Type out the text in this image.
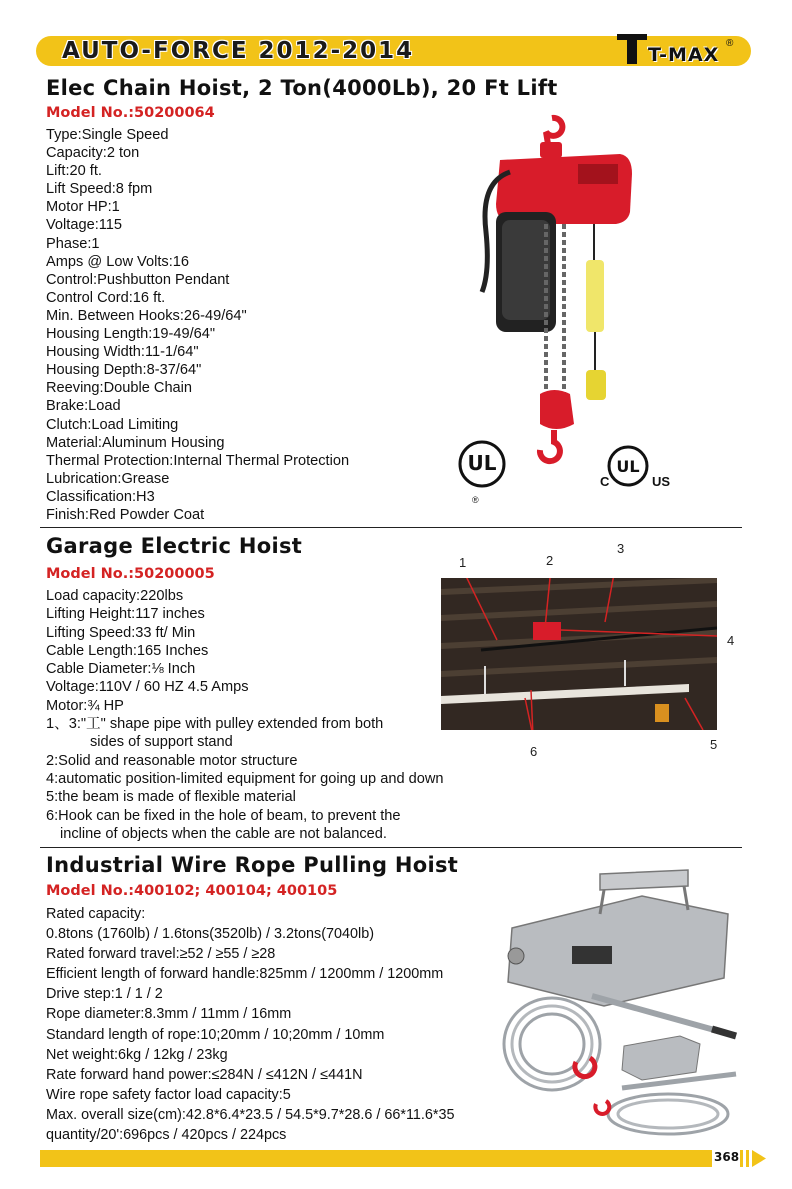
AUTO-FORCE 2012-2014	T-MAX
®
Elec Chain Hoist, 2 Ton(4000Lb), 20 Ft Lift
Model No.:50200064
Type:Single Speed
Capacity:2 ton
Lift:20 ft.
Lift Speed:8 fpm
Motor HP:1
Voltage:115
Phase:1
Amps @ Low Volts:16
Control:Pushbutton Pendant
Control Cord:16 ft.
Min. Between Hooks:26-49/64"
Housing Length:19-49/64"
Housing Width:11-1/64"
Housing Depth:8-37/64"
Reeving:Double Chain
Brake:Load
Clutch:Load Limiting
Material:Aluminum Housing
Thermal Protection:Internal Thermal Protection
Lubrication:Grease
Classification:H3
Finish:Red Powder Coat
UL
®
UL
C	US
Garage Electric Hoist
Model No.:50200005
Load capacity:220lbs
Lifting Height:117 inches
Lifting Speed:33 ft/ Min
Cable Length:165 Inches
Cable Diameter:⅛ Inch
Voltage:110V / 60 HZ 4.5 Amps
Motor:¾ HP
1、3:"工" shape pipe with pulley extended from both
sides of support stand
2:Solid and reasonable motor structure
4:automatic position-limited equipment for going up and down
5:the beam is made of flexible material
6:Hook can be fixed in the hole of beam, to prevent the
incline of objects when the cable are not balanced.
1	2
3
4
5
6
Industrial Wire Rope Pulling Hoist
Model No.:400102; 400104; 400105
Rated capacity:
0.8tons (1760lb) / 1.6tons(3520lb) / 3.2tons(7040lb)
Rated forward travel:≥52 / ≥55 / ≥28
Efficient length of forward handle:825mm / 1200mm / 1200mm
Drive step:1 / 1 / 2
Rope diameter:8.3mm / 11mm / 16mm
Standard length of rope:10;20mm / 10;20mm / 10mm
Net weight:6kg / 12kg / 23kg
Rate forward hand power:≤284N / ≤412N / ≤441N
Wire rope safety factor load capacity:5
Max. overall size(cm):42.8*6.4*23.5 / 54.5*9.7*28.6 / 66*11.6*35
quantity/20':696pcs / 420pcs / 224pcs
368
